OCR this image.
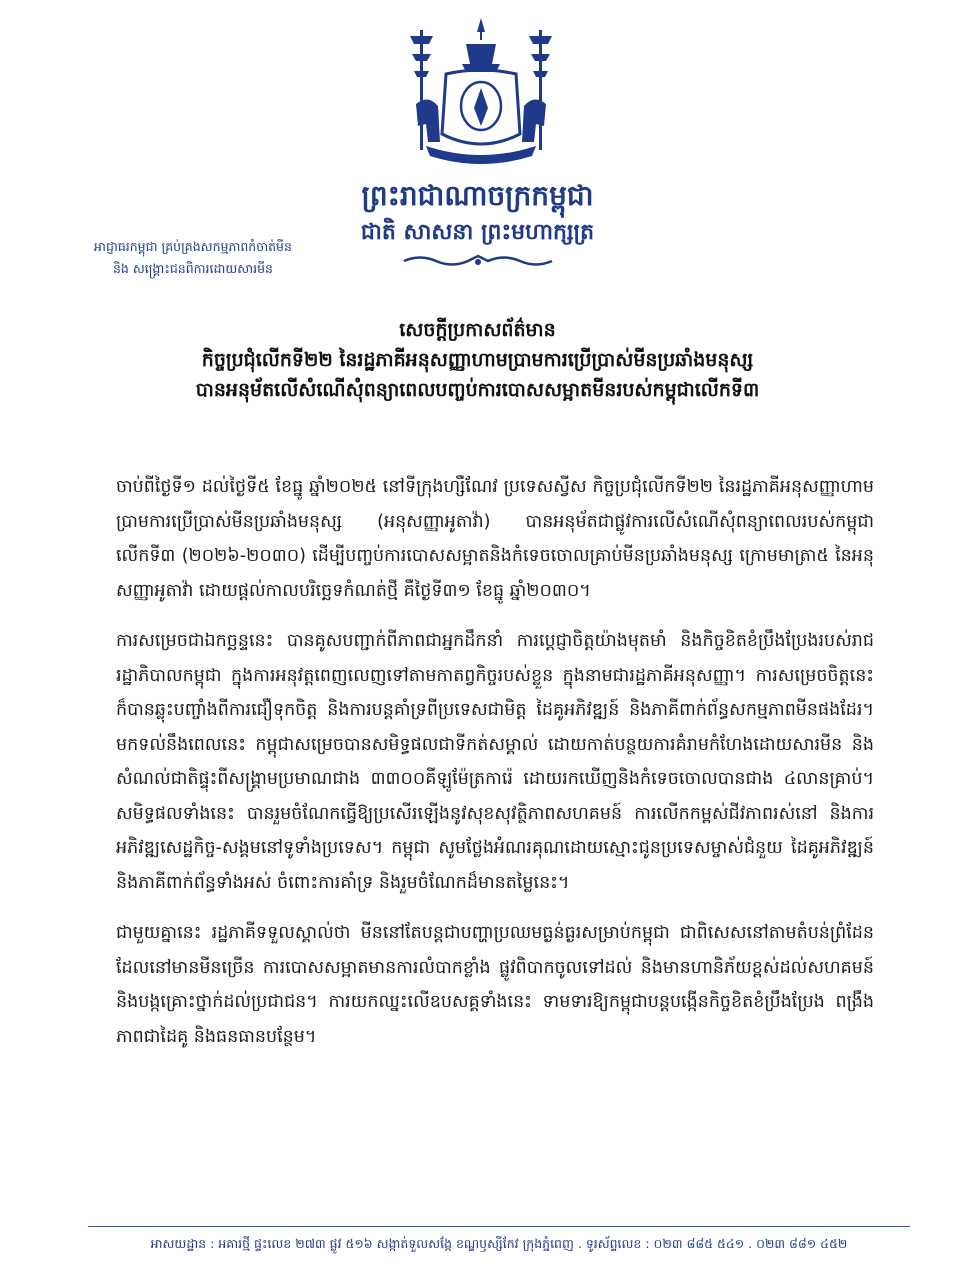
ព្រះរាជាណាចក្រកម្ពុជា
ជាតិ សាសនា ព្រះមហាក្សត្រ
អាជ្ញាធរកម្ពុជា គ្រប់គ្រងសកម្មភាពកំចាត់មីន
និង សង្គ្រោះជនពិការដោយសារមីន
សេចក្តីប្រកាសព័ត៌មាន
កិច្ចប្រជុំលើកទី២២ នៃរដ្ឋភាគីអនុសញ្ញាហាមប្រាមការប្រើប្រាស់មីនប្រឆាំងមនុស្ស
បានអនុម័តលើសំណើសុំពន្យាពេលបញ្ចប់ការបោសសម្អាតមីនរបស់កម្ពុជាលើកទី៣

ចាប់ពីថ្ងៃទី១ ដល់ថ្ងៃទី៥ ខែធ្នូ ឆ្នាំ២០២៥ នៅទីក្រុងហ្សឺណែវ ប្រទេសស្វីស កិច្ចប្រជុំលើកទី២២ នៃរដ្ឋភាគីអនុសញ្ញាហាមប្រាមការប្រើប្រាស់មីនប្រឆាំងមនុស្ស (អនុសញ្ញាអូតាវ៉ា) បានអនុម័តជាផ្លូវការលើសំណើសុំពន្យាពេលរបស់កម្ពុជាលើកទី៣ (២០២៦-២០៣០) ដើម្បីបញ្ចប់ការបោសសម្អាតនិងកំទេចចោលគ្រាប់មីនប្រឆាំងមនុស្ស ក្រោមមាត្រា៥ នៃអនុសញ្ញាអូតាវ៉ា ដោយផ្តល់កាលបរិច្ឆេទកំណត់ថ្មី គឺថ្ងៃទី៣១ ខែធ្នូ ឆ្នាំ២០៣០។

ការសម្រេចជាឯកច្ឆន្ទនេះ បានគូសបញ្ជាក់ពីភាពជាអ្នកដឹកនាំ ការប្តេជ្ញាចិត្តយ៉ាងមុតមាំ និងកិច្ចខិតខំប្រឹងប្រែងរបស់រាជរដ្ឋាភិបាលកម្ពុជា ក្នុងការអនុវត្តពេញលេញទៅតាមកាតព្វកិច្ចរបស់ខ្លួន ក្នុងនាមជារដ្ឋភាគីអនុសញ្ញា។ ការសម្រេចចិត្តនេះ ក៏បានឆ្លុះបញ្ចាំងពីការជឿទុកចិត្ត និងការបន្តគាំទ្រពីប្រទេសជាមិត្ត ដៃគូអភិវឌ្ឍន៍ និងភាគីពាក់ព័ន្ធសកម្មភាពមីនផងដែរ។ មកទល់នឹងពេលនេះ កម្ពុជាសម្រេចបានសមិទ្ធផលជាទីកត់សម្គាល់ ដោយកាត់បន្ថយការគំរាមកំហែងដោយសារមីន និងសំណល់ជាតិផ្ទុះពីសង្គ្រាមប្រមាណជាង ៣៣០០គីឡូម៉ែត្រការ៉េ ដោយរកឃើញនិងកំទេចចោលបានជាង ៤លានគ្រាប់។ សមិទ្ធផលទាំងនេះ បានរួមចំណែកធ្វើឱ្យប្រសើរឡើងនូវសុខសុវត្ថិភាពសហគមន៍ ការលើកកម្ពស់ជីវភាពរស់នៅ និងការអភិវឌ្ឍសេដ្ឋកិច្ច-សង្គមនៅទូទាំងប្រទេស។ កម្ពុជា សូមថ្លែងអំណរគុណដោយស្មោះជូនប្រទេសម្ចាស់ជំនួយ ដៃគូអភិវឌ្ឍន៍ និងភាគីពាក់ព័ន្ធទាំងអស់ ចំពោះការគាំទ្រ និងរួមចំណែកដ៏មានតម្លៃនេះ។

ជាមួយគ្នានេះ រដ្ឋភាគីទទួលស្គាល់ថា មីននៅតែបន្តជាបញ្ហាប្រឈមធ្ងន់ធ្ងរសម្រាប់កម្ពុជា ជាពិសេសនៅតាមតំបន់ព្រំដែនដែលនៅមានមីនច្រើន ការបោសសម្អាតមានការលំបាកខ្លាំង ផ្លូវពិបាកចូលទៅដល់ និងមានហានិភ័យខ្ពស់ដល់សហគមន៍ និងបង្កគ្រោះថ្នាក់ដល់ប្រជាជន។ ការយកឈ្នះលើឧបសគ្គទាំងនេះ ទាមទារឱ្យកម្ពុជាបន្តបង្កើនកិច្ចខិតខំប្រឹងប្រែង ពង្រឹងភាពជាដៃគូ និងធនធានបន្ថែម។

អាសយដ្ឋាន : អគារថ្មី ផ្ទះលេខ ២៧៣ ផ្លូវ ៥១៦ សង្កាត់ទួលសង្កែ ខណ្ឌឫស្សីកែវ ក្រុងភ្នំពេញ . ទូរស័ព្ទលេខ : ០២៣ ៨៨៥ ៥៤១ . ០២៣ ៨៨១ ៤៥២
